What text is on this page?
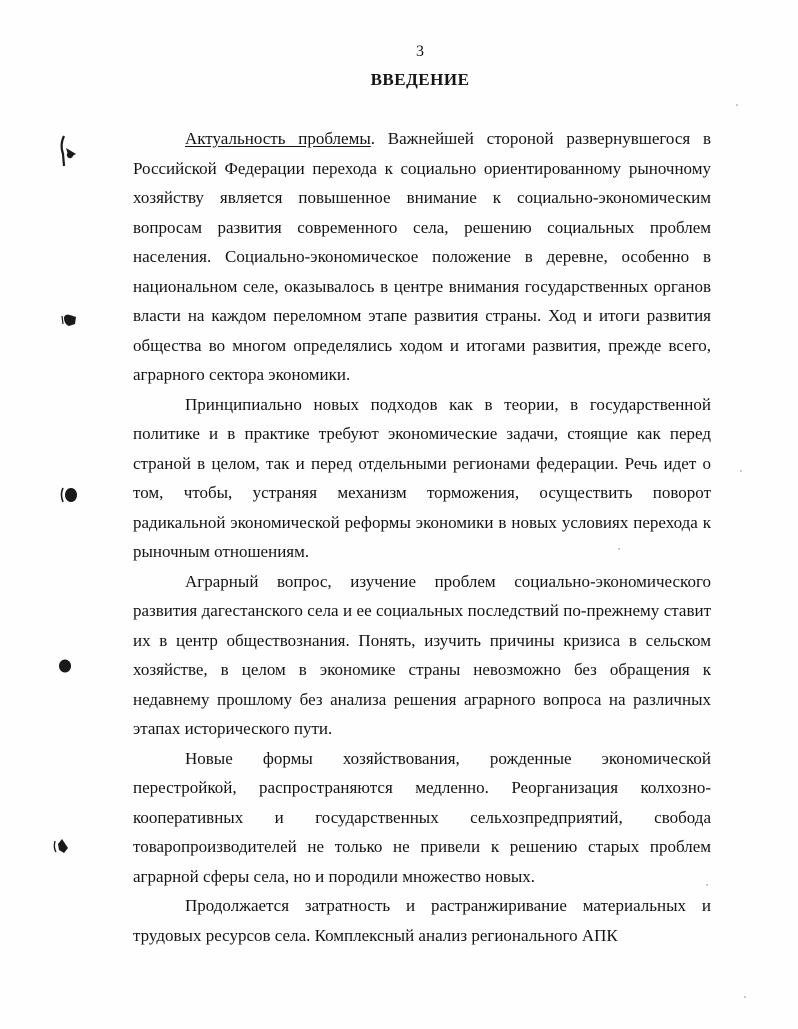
3
ВВЕДЕНИЕ

Актуальность проблемы. Важнейшей стороной развернувшегося в Российской Федерации перехода к социально ориентированному рыночному хозяйству является повышенное внимание к социально-экономическим вопросам развития современного села, решению социальных проблем населения. Социально-экономическое положение в деревне, особенно в национальном селе, оказывалось в центре внимания государственных органов власти на каждом переломном этапе развития страны. Ход и итоги развития общества во многом определялись ходом и итогами развития, прежде всего, аграрного сектора экономики.

Принципиально новых подходов как в теории, в государственной политике и в практике требуют экономические задачи, стоящие как перед страной в целом, так и перед отдельными регионами федерации. Речь идет о том, чтобы, устраняя механизм торможения, осуществить поворот радикальной экономической реформы экономики в новых условиях перехода к рыночным отношениям.

Аграрный вопрос, изучение проблем социально-экономического развития дагестанского села и ее социальных последствий по-прежнему ставит их в центр обществознания. Понять, изучить причины кризиса в сельском хозяйстве, в целом в экономике страны невозможно без обращения к недавнему прошлому без анализа решения аграрного вопроса на различных этапах исторического пути.

Новые формы хозяйствования, рожденные экономической перестройкой, распространяются медленно. Реорганизация колхозно-кооперативных и государственных сельхозпредприятий, свобода товаропроизводителей не только не привели к решению старых проблем аграрной сферы села, но и породили множество новых.

Продолжается затратность и растранжиривание материальных и трудовых ресурсов села. Комплексный анализ регионального АПК
